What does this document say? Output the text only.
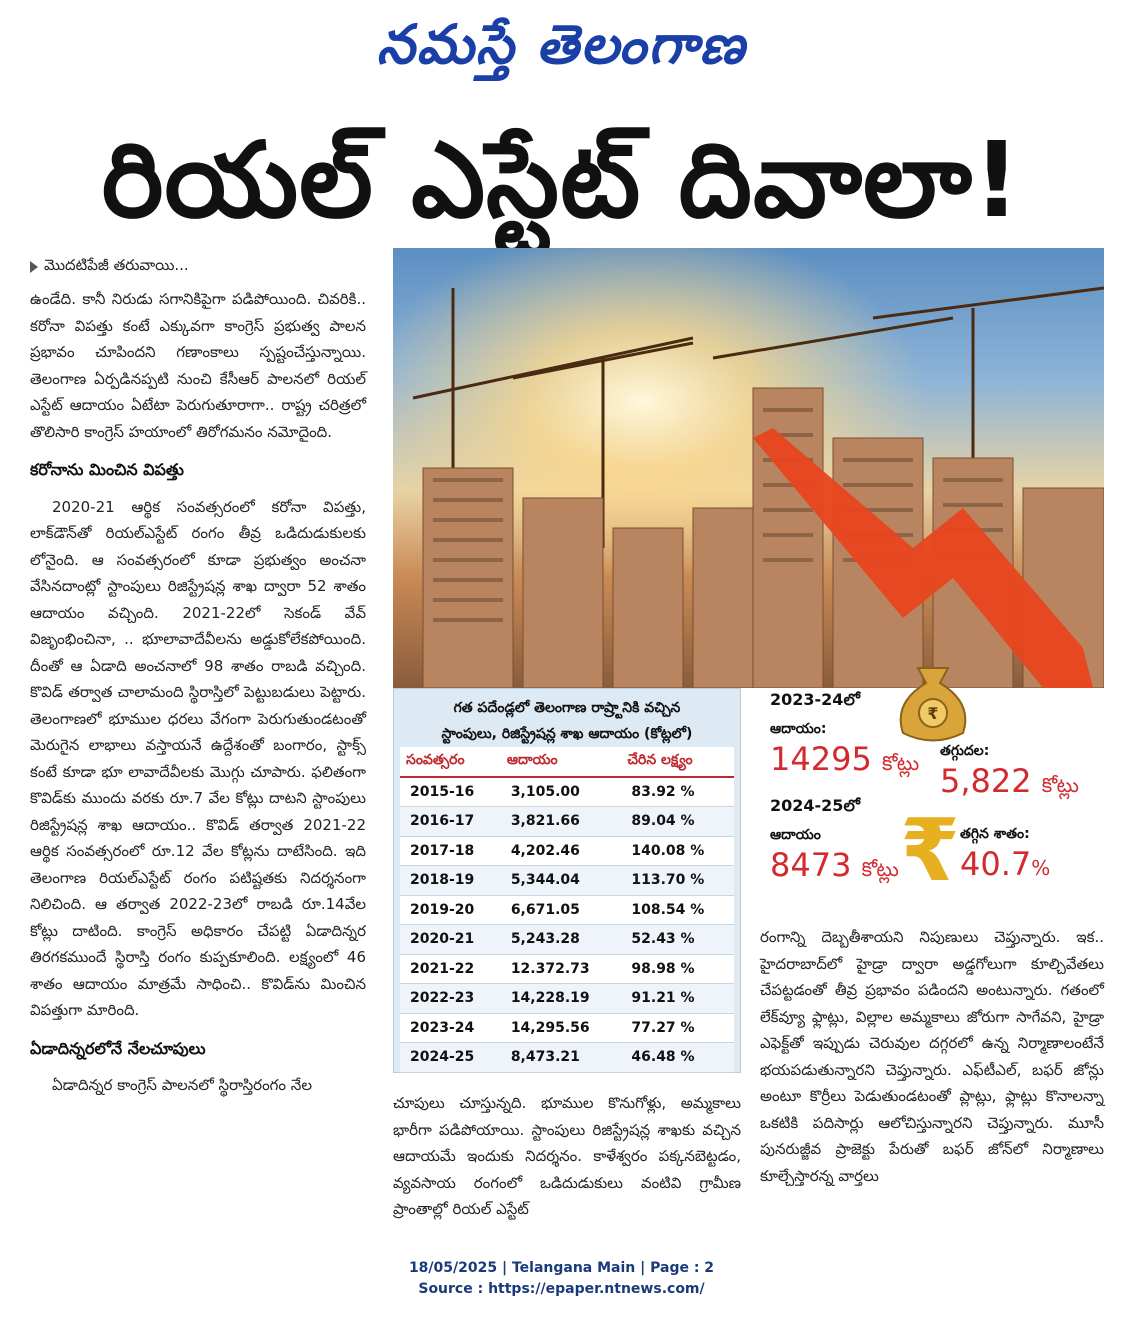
నమస్తే తెలంగాణ
రియల్ ఎస్టేట్ దివాలా!
మొదటిపేజీ తరువాయి...

ఉండేది. కానీ నిరుడు సగానికిపైగా పడిపోయింది. చివరికి.. కరోనా విపత్తు కంటే ఎక్కువగా కాంగ్రెస్ ప్రభుత్వ పాలన ప్రభావం చూపిందని గణాంకాలు స్పష్టంచేస్తున్నాయి. తెలంగాణ ఏర్పడినప్పటి నుంచి కేసీఆర్ పాలనలో రియల్ ఎస్టేట్ ఆదాయం ఏటేటా పెరుగుతూరాగా.. రాష్ట్ర చరిత్రలో తొలిసారి కాంగ్రెస్ హయాంలో తిరోగమనం నమోదైంది.

కరోనాను మించిన విపత్తు

2020-21 ఆర్థిక సంవత్సరంలో కరోనా విపత్తు, లాక్‌డౌన్‌తో రియల్‌ఎస్టేట్ రంగం తీవ్ర ఒడిదుడుకులకు లోనైంది. ఆ సంవత్సరంలో కూడా ప్రభుత్వం అంచనా వేసినదాంట్లో స్టాంపులు రిజిస్ట్రేషన్ల శాఖ ద్వారా 52 శాతం ఆదాయం వచ్చింది. 2021-22లో సెకండ్ వేవ్ విజృంభించినా, .. భూలావాదేవీలను అడ్డుకోలేకపోయింది. దీంతో ఆ ఏడాది అంచనాలో 98 శాతం రాబడి వచ్చింది. కొవిడ్ తర్వాత చాలామంది స్థిరాస్తిలో పెట్టుబడులు పెట్టారు. తెలంగాణలో భూముల ధరలు వేగంగా పెరుగుతుండటంతో మెరుగైన లాభాలు వస్తాయనే ఉద్దేశంతో బంగారం, స్టాక్స్ కంటే కూడా భూ లావాదేవీలకు మొగ్గు చూపారు. ఫలితంగా కొవిడ్‌కు ముందు వరకు రూ.7 వేల కోట్లు దాటని స్టాంపులు రిజిస్ట్రేషన్ల శాఖ ఆదాయం.. కొవిడ్ తర్వాత 2021-22 ఆర్థిక సంవత్సరంలో రూ.12 వేల కోట్లను దాటేసింది. ఇది తెలంగాణ రియల్‌ఎస్టేట్ రంగం పటిష్టతకు నిదర్శనంగా నిలిచింది. ఆ తర్వాత 2022-23లో రాబడి రూ.14వేల కోట్లు దాటింది. కాంగ్రెస్ అధికారం చేపట్టి ఏడాదిన్నర తిరగకముందే స్థిరాస్తి రంగం కుప్పకూలింది. లక్ష్యంలో 46 శాతం ఆదాయం మాత్రమే సాధించి.. కొవిడ్‌ను మించిన విపత్తుగా మారింది.

ఏడాదిన్నరలోనే నేలచూపులు

ఏడాదిన్నర కాంగ్రెస్ పాలనలో స్థిరాస్తిరంగం నేల

గత పదేండ్లలో తెలంగాణ రాష్ర్టానికి వచ్చిన
స్టాంపులు, రిజిస్ట్రేషన్ల శాఖ ఆదాయం (కోట్లలో)
సంవత్సరం	ఆదాయం	చేరిన లక్ష్యం
2015-16	3,105.00	83.92 %
2016-17	3,821.66	89.04 %
2017-18	4,202.46	140.08 %
2018-19	5,344.04	113.70 %
2019-20	6,671.05	108.54 %
2020-21	5,243.28	52.43 %
2021-22	12.372.73	98.98 %
2022-23	14,228.19	91.21 %
2023-24	14,295.56	77.27 %
2024-25	8,473.21	46.48 %
2023-24లో
ఆదాయం:
14295 కోట్లు
₹
తగ్గుదల:
5,822 కోట్లు
2024-25లో
ఆదాయం
8473 కోట్లు ₹ తగ్గిన శాతం:
40.7%

చూపులు చూస్తున్నది. భూముల కొనుగోళ్లు, అమ్మకాలు భారీగా పడిపోయాయి. స్టాంపులు రిజిస్ట్రేషన్ల శాఖకు వచ్చిన ఆదాయమే ఇందుకు నిదర్శనం. కాళేశ్వరం పక్కనబెట్టడం, వ్యవసాయ రంగంలో ఒడిదుడుకులు వంటివి గ్రామీణ ప్రాంతాల్లో రియల్ ఎస్టేట్

రంగాన్ని దెబ్బతీశాయని నిపుణులు చెప్తున్నారు. ఇక.. హైదరాబాద్‌లో హైడ్రా ద్వారా అడ్డగోలుగా కూల్చివేతలు చేపట్టడంతో తీవ్ర ప్రభావం పడిందని అంటున్నారు. గతంలో లేక్‌వ్యూ ఫ్లాట్లు, విల్లాల అమ్మకాలు జోరుగా సాగేవని, హైడ్రా ఎఫెక్ట్‌తో ఇప్పుడు చెరువుల దగ్గరలో ఉన్న నిర్మాణాలంటేనే భయపడుతున్నారని చెప్తున్నారు. ఎఫ్‌టీఎల్, బఫర్ జోన్లు అంటూ కొర్రీలు పెడుతుండటంతో ప్లాట్లు, ఫ్లాట్లు కొనాలన్నా ఒకటికి పదిసార్లు ఆలోచిస్తున్నారని చెప్తున్నారు. మూసీ పునరుజ్జీవ ప్రాజెక్టు పేరుతో బఫర్ జోన్‌లో నిర్మాణాలు కూల్చేస్తారన్న వార్తలు

18/05/2025 | Telangana Main | Page : 2
Source : https://epaper.ntnews.com/
